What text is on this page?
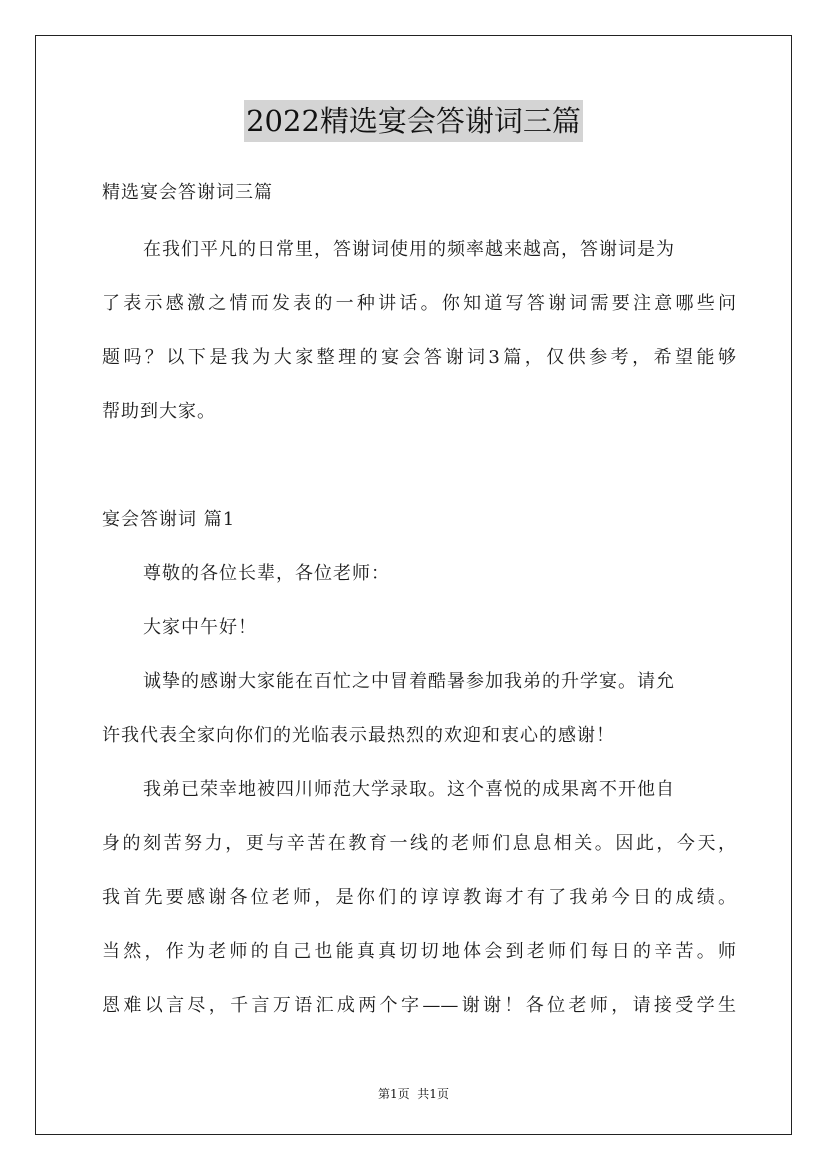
2022精选宴会答谢词三篇
精选宴会答谢词三篇
在我们平凡的日常里，答谢词使用的频率越来越高，答谢词是为
了表示感激之情而发表的一种讲话。你知道写答谢词需要注意哪些问
题吗？以下是我为大家整理的宴会答谢词3篇，仅供参考，希望能够
帮助到大家。
宴会答谢词 篇1
尊敬的各位长辈，各位老师：
大家中午好！
诚挚的感谢大家能在百忙之中冒着酷暑参加我弟的升学宴。请允
许我代表全家向你们的光临表示最热烈的欢迎和衷心的感谢！
我弟已荣幸地被四川师范大学录取。这个喜悦的成果离不开他自
身的刻苦努力，更与辛苦在教育一线的老师们息息相关。因此，今天，
我首先要感谢各位老师，是你们的谆谆教诲才有了我弟今日的成绩。
当然，作为老师的自己也能真真切切地体会到老师们每日的辛苦。师
恩难以言尽，千言万语汇成两个字——谢谢！各位老师，请接受学生
第1页  共1页
